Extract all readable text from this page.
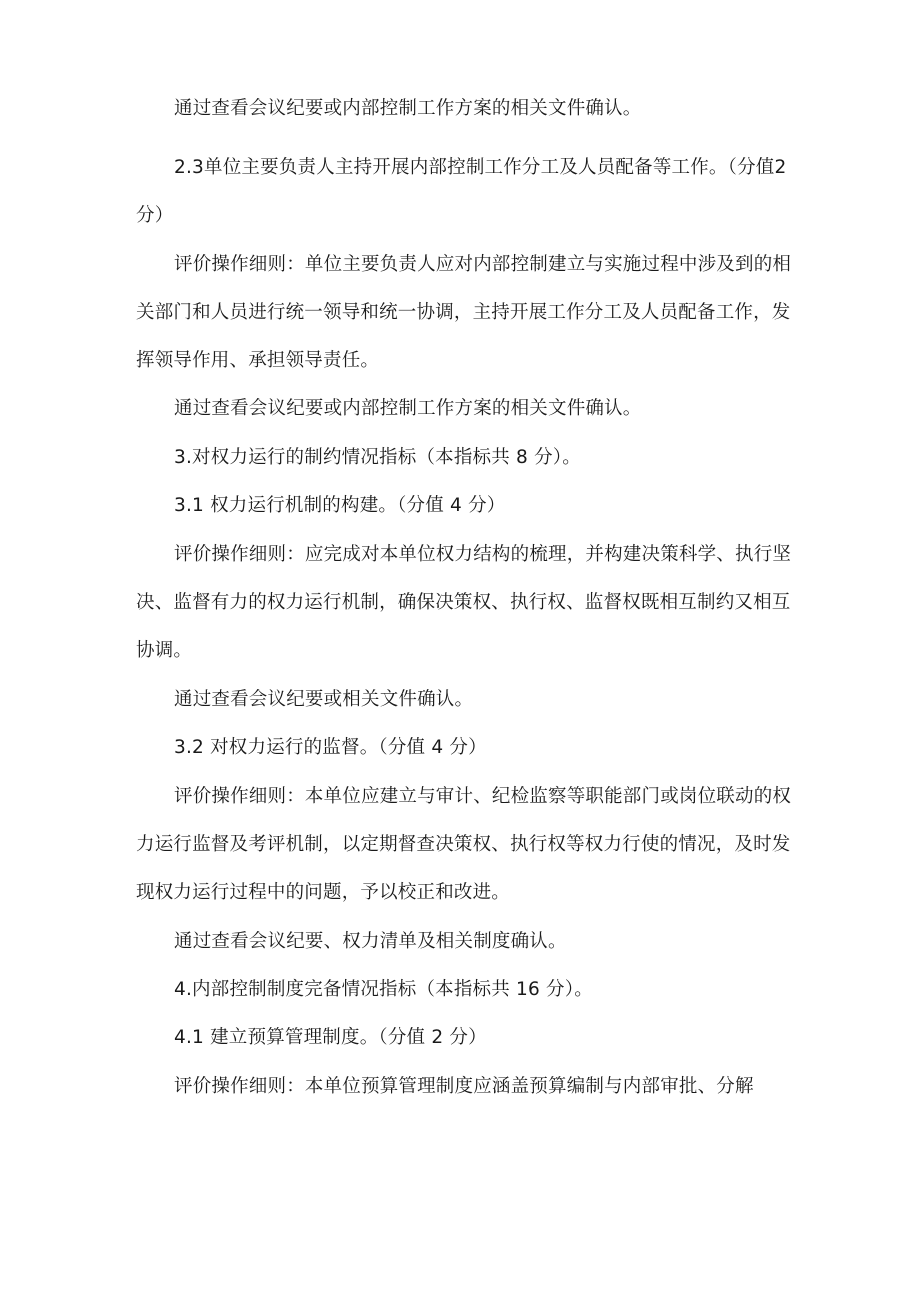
通过查看会议纪要或内部控制工作方案的相关文件确认。
2.3单位主要负责人主持开展内部控制工作分工及人员配备等工作。（分值2
分）
评价操作细则：单位主要负责人应对内部控制建立与实施过程中涉及到的相
关部门和人员进行统一领导和统一协调，主持开展工作分工及人员配备工作，发
挥领导作用、承担领导责任。
通过查看会议纪要或内部控制工作方案的相关文件确认。
3.对权力运行的制约情况指标（本指标共 8 分）。
3.1 权力运行机制的构建。（分值 4 分）
评价操作细则：应完成对本单位权力结构的梳理，并构建决策科学、执行坚
决、监督有力的权力运行机制，确保决策权、执行权、监督权既相互制约又相互
协调。
通过查看会议纪要或相关文件确认。
3.2 对权力运行的监督。（分值 4 分）
评价操作细则：本单位应建立与审计、纪检监察等职能部门或岗位联动的权
力运行监督及考评机制，以定期督查决策权、执行权等权力行使的情况，及时发
现权力运行过程中的问题，予以校正和改进。
通过查看会议纪要、权力清单及相关制度确认。
4.内部控制制度完备情况指标（本指标共 16 分）。
4.1 建立预算管理制度。（分值 2 分）
评价操作细则：本单位预算管理制度应涵盖预算编制与内部审批、分解
